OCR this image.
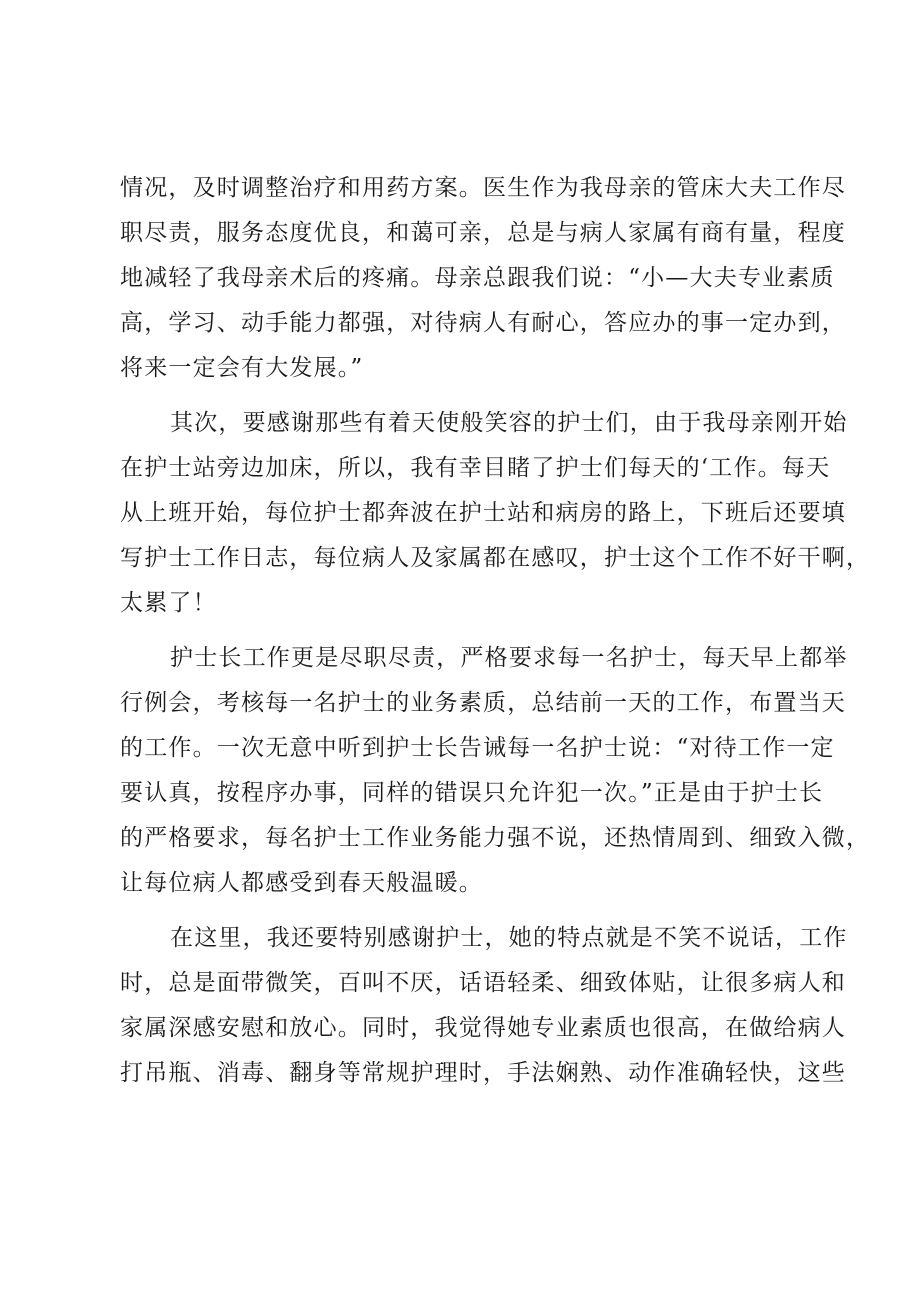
情况，及时调整治疗和用药方案。医生作为我母亲的管床大夫工作尽
职尽责，服务态度优良，和蔼可亲，总是与病人家属有商有量，程度
地减轻了我母亲术后的疼痛。母亲总跟我们说：“小—大夫专业素质
高，学习、动手能力都强，对待病人有耐心，答应办的事一定办到，
将来一定会有大发展。”
其次，要感谢那些有着天使般笑容的护士们，由于我母亲刚开始
在护士站旁边加床，所以，我有幸目睹了护士们每天的‘工作。每天
从上班开始，每位护士都奔波在护士站和病房的路上，下班后还要填
写护士工作日志，每位病人及家属都在感叹，护士这个工作不好干啊，
太累了！
护士长工作更是尽职尽责，严格要求每一名护士，每天早上都举
行例会，考核每一名护士的业务素质，总结前一天的工作，布置当天
的工作。一次无意中听到护士长告诫每一名护士说：“对待工作一定
要认真，按程序办事，同样的错误只允许犯一次。”正是由于护士长
的严格要求，每名护士工作业务能力强不说，还热情周到、细致入微，
让每位病人都感受到春天般温暖。
在这里，我还要特别感谢护士，她的特点就是不笑不说话，工作
时，总是面带微笑，百叫不厌，话语轻柔、细致体贴，让很多病人和
家属深感安慰和放心。同时，我觉得她专业素质也很高，在做给病人
打吊瓶、消毒、翻身等常规护理时，手法娴熟、动作准确轻快，这些
